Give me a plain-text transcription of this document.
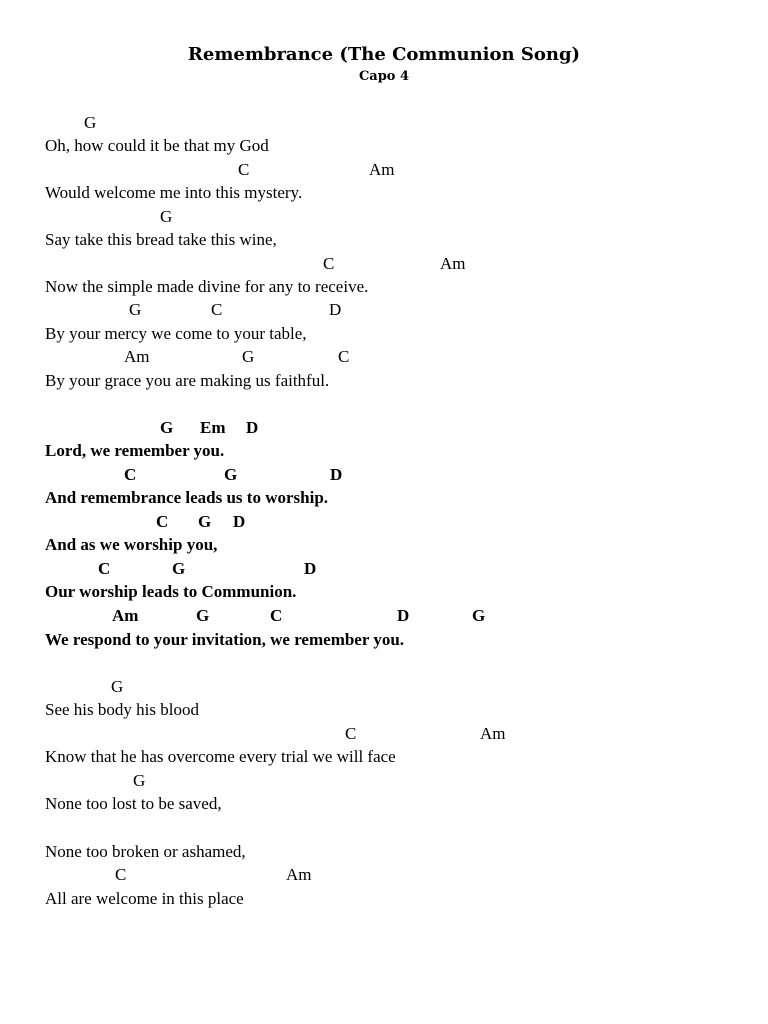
Remembrance (The Communion Song)
Capo 4
G
Oh, how could it be that my God
C	Am
Would welcome me into this mystery.
G
Say take this bread take this wine,
C	Am
Now the simple made divine for any to receive.
G	C	D
By your mercy we come to your table,
Am	G	C
By your grace you are making us faithful.
G Em D
Lord, we remember you.
C	G	D
And remembrance leads us to worship.
C G D
And as we worship you,
C	G	D
Our worship leads to Communion.
Am	G	C	D	G
We respond to your invitation, we remember you.
G
See his body his blood
C	Am
Know that he has overcome every trial we will face
G
None too lost to be saved,
None too broken or ashamed,
C	Am
All are welcome in this place
